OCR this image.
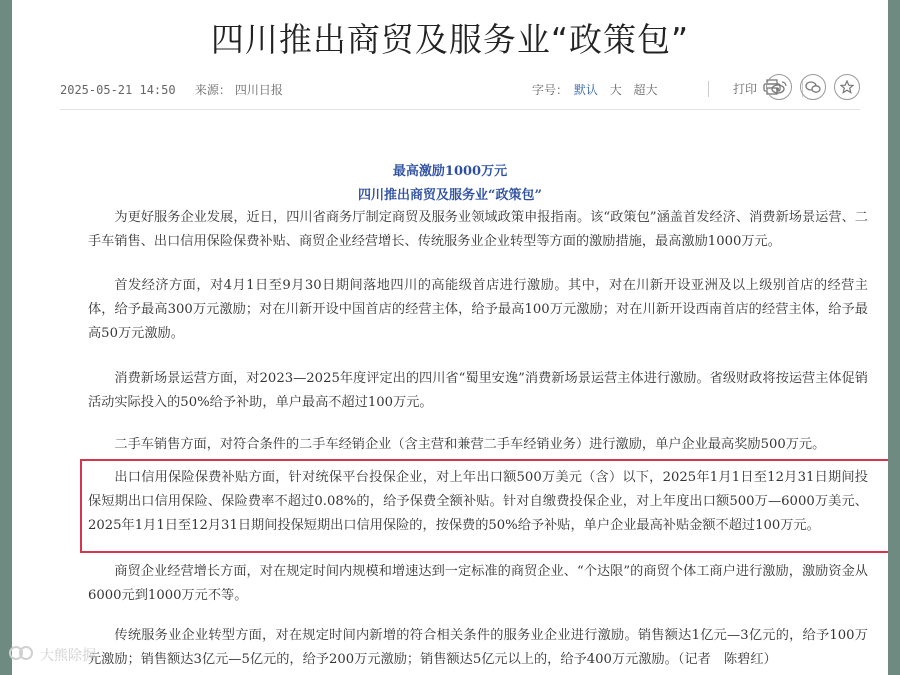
四川推出商贸及服务业“政策包”
2025-05-21 14:50 来源： 四川日报	字号： 默认 大 超大	打印
最高激励1000万元
四川推出商贸及服务业“政策包”

为更好服务企业发展，近日，四川省商务厅制定商贸及服务业领域政策申报指南。该“政策包”涵盖首发经济、消费新场景运营、二手车销售、出口信用保险保费补贴、商贸企业经营增长、传统服务业企业转型等方面的激励措施，最高激励1000万元。

首发经济方面，对4月1日至9月30日期间落地四川的高能级首店进行激励。其中，对在川新开设亚洲及以上级别首店的经营主体，给予最高300万元激励；对在川新开设中国首店的经营主体，给予最高100万元激励；对在川新开设西南首店的经营主体，给予最高50万元激励。

消费新场景运营方面，对2023—2025年度评定出的四川省“蜀里安逸”消费新场景运营主体进行激励。省级财政将按运营主体促销活动实际投入的50%给予补助，单户最高不超过100万元。

二手车销售方面，对符合条件的二手车经销企业（含主营和兼营二手车经销业务）进行激励，单户企业最高奖励500万元。

出口信用保险保费补贴方面，针对统保平台投保企业，对上年出口额500万美元（含）以下，2025年1月1日至12月31日期间投保短期出口信用保险、保险费率不超过0.08%的，给予保费全额补贴。针对自缴费投保企业，对上年度出口额500万—6000万美元、2025年1月1日至12月31日期间投保短期出口信用保险的，按保费的50%给予补贴，单户企业最高补贴金额不超过100万元。

商贸企业经营增长方面，对在规定时间内规模和增速达到一定标准的商贸企业、“个达限”的商贸个体工商户进行激励，激励资金从6000元到1000万元不等。

传统服务业企业转型方面，对在规定时间内新增的符合相关条件的服务业企业进行激励。销售额达1亿元—3亿元的，给予100万元激励；销售额达3亿元—5亿元的，给予200万元激励；销售额达5亿元以上的，给予400万元激励。（记者　陈碧红）

大熊除握
